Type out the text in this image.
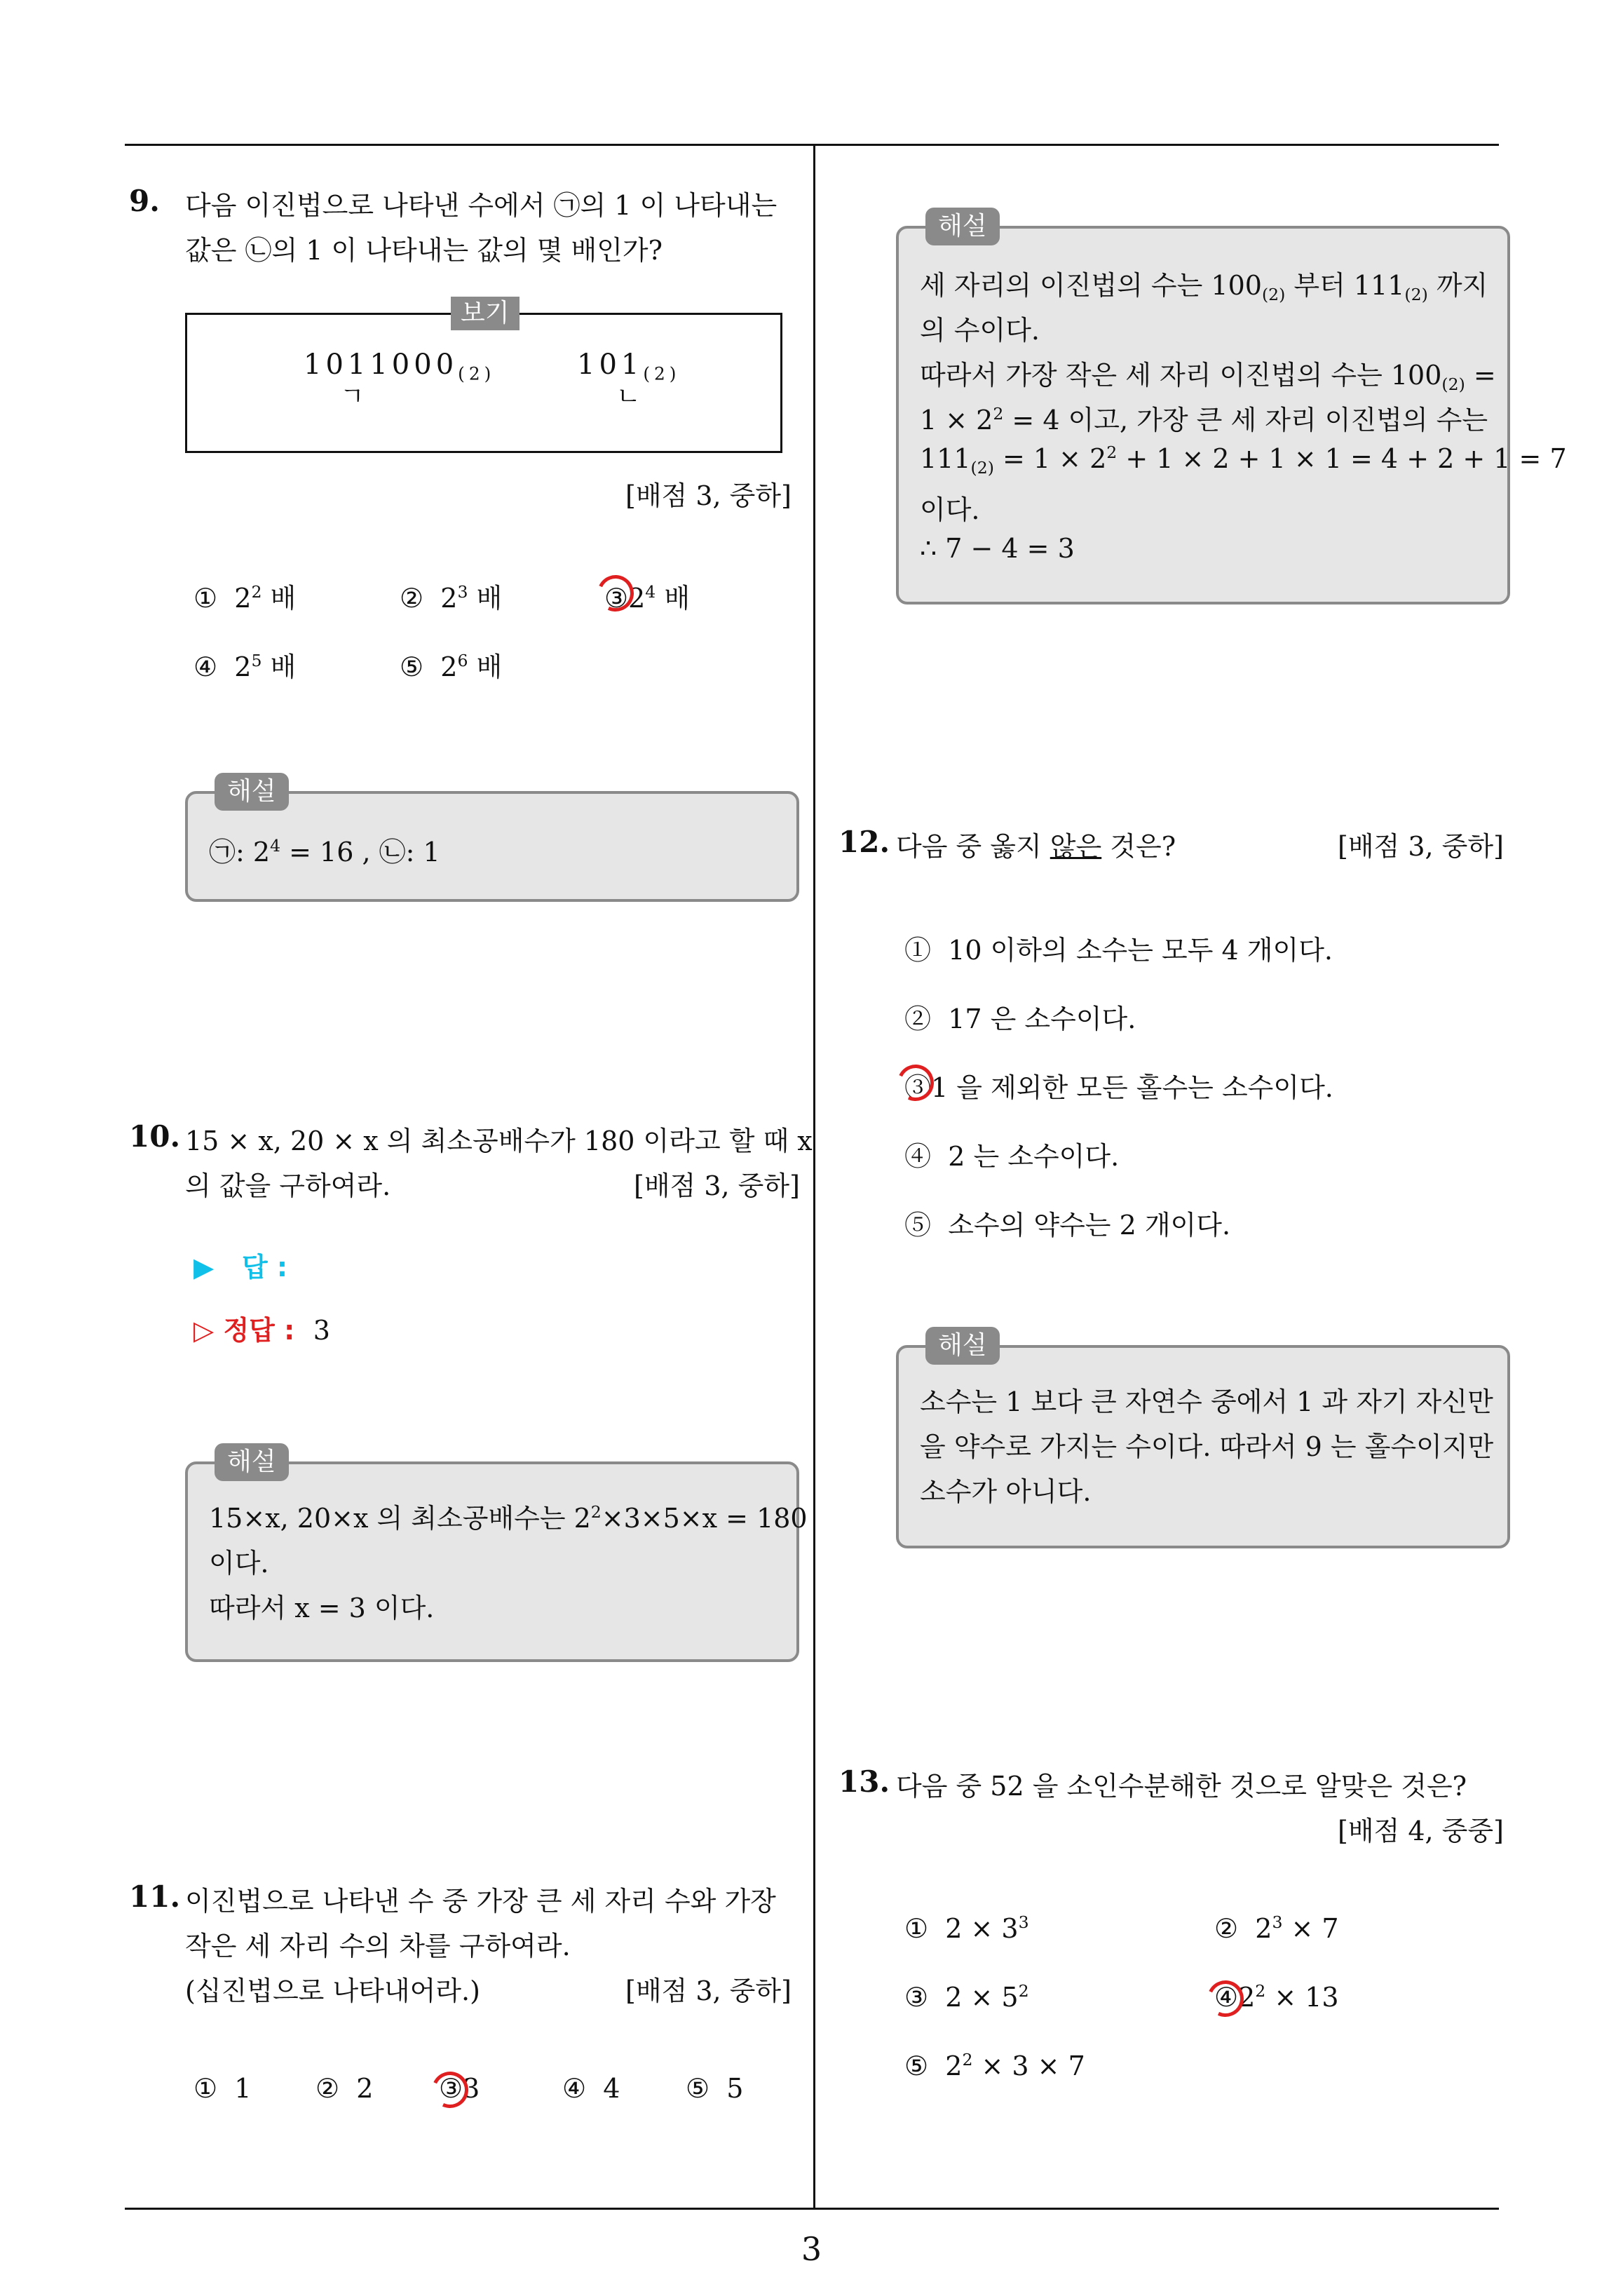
9. 다음 이진법으로 나타낸 수에서 ㉠의 1 이 나타내는
값은 ㉡의 1 이 나타내는 값의 몇 배인가?
보기
$1011000_{(2)}$
ㄱ
$101_{(2)}$
ㄴ
[배점 3, 중하]
① $2^2$ 배	② $2^3$ 배	$③2^4$ 배
④ $2^5$ 배	⑤ $2^6$ 배
해설
㉠: $2^4 = 16$ , ㉡: 1
10. 15 × x, 20 × x 의 최소공배수가 180 이라고 할 때 x
의 값을 구하여라.	[배점 3, 중하]
▶ 답 :
▷ 정답 : 3
해설
15×x, 20×x 의 최소공배수는 $2^2\times 3\times 5\times x = 180$
이다.
따라서 x = 3 이다.
11. 이진법으로 나타낸 수 중 가장 큰 세 자리 수와 가장
작은 세 자리 수의 차를 구하여라.
(십진법으로 나타내어라.)	[배점 3, 중하]
① 1 ② 2 ③3	④ 4 ⑤ 5
해설
세 자리의 이진법의 수는 $100_{(2)}$ 부터 $111_{(2)}$ 까지
의 수이다.
따라서 가장 작은 세 자리 이진법의 수는 $100_{(2)}$ =
$1 \times 2^2 = 4$ 이고, 가장 큰 세 자리 이진법의 수는
$111_{(2)} = 1 \times 2^2 + 1 \times 2 + 1 \times 1 = 4 + 2 + 1 = 7$
이다.
∴ 7 − 4 = 3
12. 다음 중 옳지 않은 것은?	[배점 3, 중하]
① 10 이하의 소수는 모두 4 개이다.
② 17 은 소수이다.
③1 을 제외한 모든 홀수는 소수이다.
④ 2 는 소수이다.
⑤ 소수의 약수는 2 개이다.
해설
소수는 1 보다 큰 자연수 중에서 1 과 자기 자신만
을 약수로 가지는 수이다. 따라서 9 는 홀수이지만
소수가 아니다.
13. 다음 중 52 을 소인수분해한 것으로 알맞은 것은?
[배점 4, 중중]
① $2 \times 3^3$	② $2^3 \times 7$
③ $2 \times 5^2$	$④2^2 \times 13$
⑤ $2^2 \times 3 \times 7$
3
